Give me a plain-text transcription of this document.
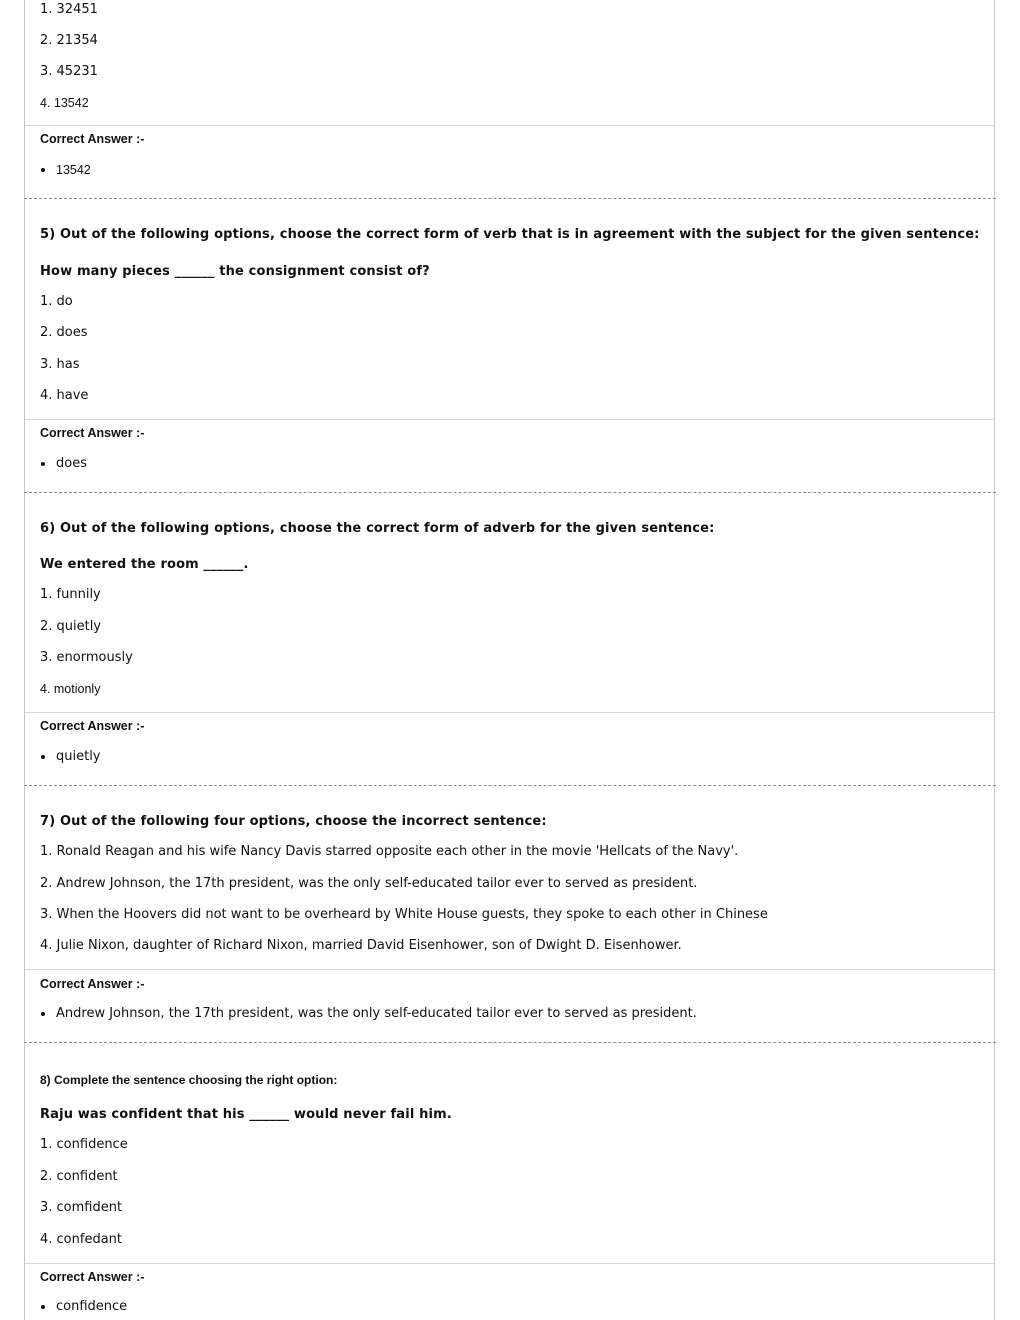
1. 32451
2. 21354
3. 45231
4. 13542
Correct Answer :-
13542
5) Out of the following options, choose the correct form of verb that is in agreement with the subject for the given sentence:
How many pieces ______ the consignment consist of?
1. do
2. does
3. has
4. have
Correct Answer :-
does
6) Out of the following options, choose the correct form of adverb for the given sentence:
We entered the room ______.
1. funnily
2. quietly
3. enormously
4. motionly
Correct Answer :-
quietly
7) Out of the following four options, choose the incorrect sentence:
1. Ronald Reagan and his wife Nancy Davis starred opposite each other in the movie 'Hellcats of the Navy'.
2. Andrew Johnson, the 17th president, was the only self-educated tailor ever to served as president.
3. When the Hoovers did not want to be overheard by White House guests, they spoke to each other in Chinese
4. Julie Nixon, daughter of Richard Nixon, married David Eisenhower, son of Dwight D. Eisenhower.
Correct Answer :-
Andrew Johnson, the 17th president, was the only self-educated tailor ever to served as president.
8) Complete the sentence choosing the right option:
Raju was confident that his ______ would never fail him.
1. confidence
2. confident
3. comfident
4. confedant
Correct Answer :-
confidence
